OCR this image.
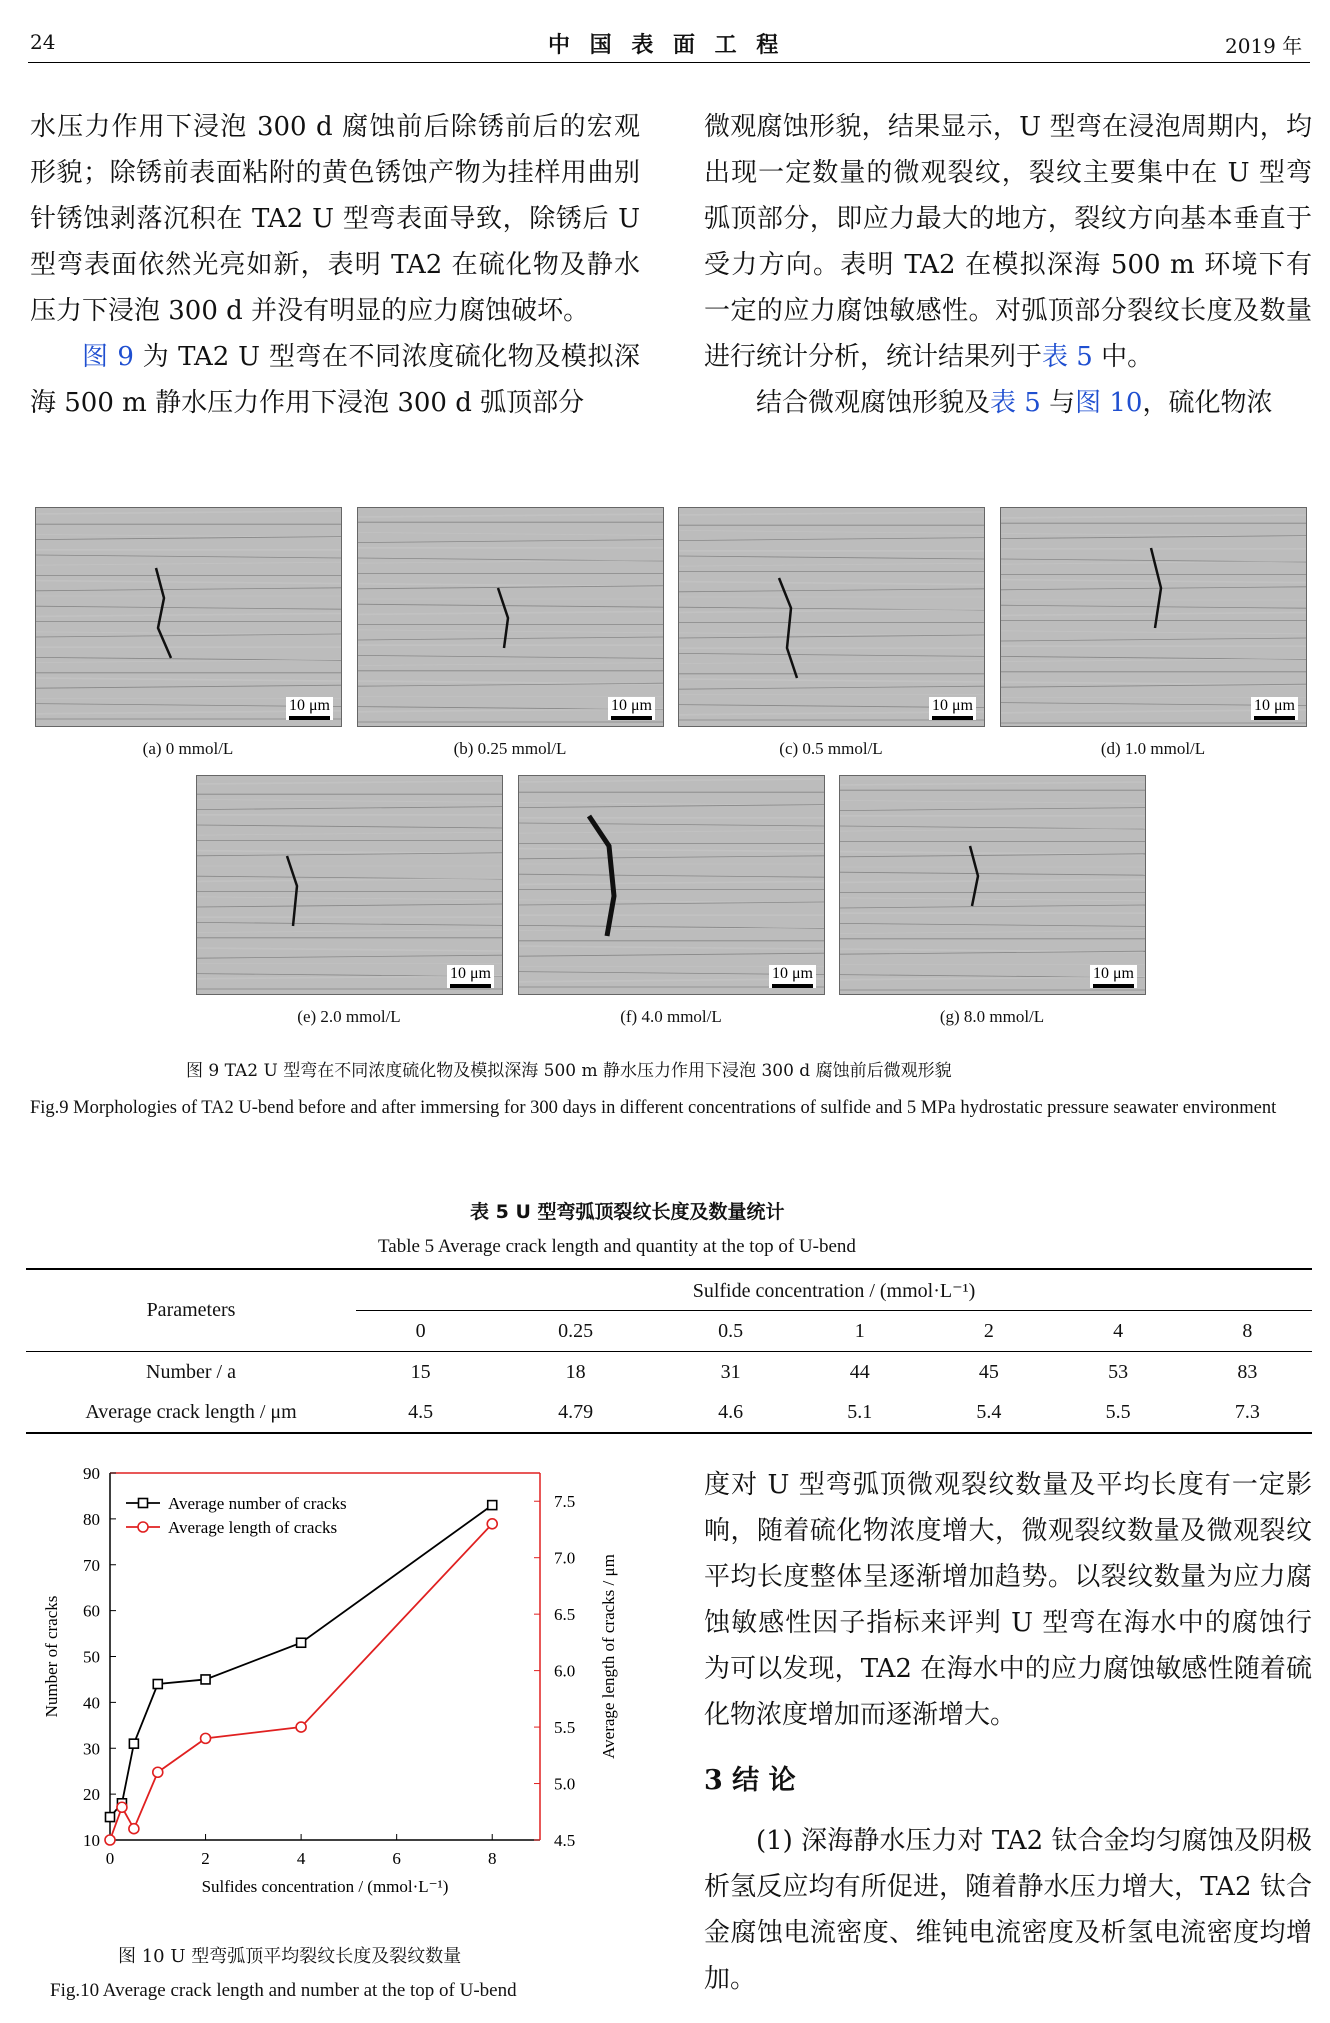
24	中 国 表 面 工 程	2019 年

水压力作用下浸泡 300 d 腐蚀前后除锈前后的宏观形貌；除锈前表面粘附的黄色锈蚀产物为挂样用曲别针锈蚀剥落沉积在 TA2 U 型弯表面导致，除锈后 U 型弯表面依然光亮如新，表明 TA2 在硫化物及静水压力下浸泡 300 d 并没有明显的应力腐蚀破坏。

图 9 为 TA2 U 型弯在不同浓度硫化物及模拟深海 500 m 静水压力作用下浸泡 300 d 弧顶部分

微观腐蚀形貌，结果显示，U 型弯在浸泡周期内，均出现一定数量的微观裂纹，裂纹主要集中在 U 型弯弧顶部分，即应力最大的地方，裂纹方向基本垂直于受力方向。表明 TA2 在模拟深海 500 m 环境下有一定的应力腐蚀敏感性。对弧顶部分裂纹长度及数量进行统计分析，统计结果列于表 5 中。

结合微观腐蚀形貌及表 5 与图 10，硫化物浓

10 μm
(a) 0 mmol/L
10 μm
(b) 0.25 mmol/L
10 μm
(c) 0.5 mmol/L
10 μm
(d) 1.0 mmol/L
10 μm
(e) 2.0 mmol/L
10 μm
(f) 4.0 mmol/L
10 μm
(g) 8.0 mmol/L
图 9 TA2 U 型弯在不同浓度硫化物及模拟深海 500 m 静水压力作用下浸泡 300 d 腐蚀前后微观形貌
Fig.9 Morphologies of TA2 U-bend before and after immersing for 300 days in different concentrations of sulfide and 5 MPa hydrostatic pressure seawater environment
表 5 U 型弯弧顶裂纹长度及数量统计
Table 5 Average crack length and quantity at the top of U-bend
Parameters	Sulfide concentration / (mmol·L⁻¹)						
	0	0.25	0.5	1	2	4	8
Number / a	15	18	31	44	45	53	83
Average crack length / μm	4.5	4.79	4.6	5.1	5.4	5.5	7.3
10
20
30
40
50
60
70
80
90
4.5
5.0
5.5
6.0
6.5
7.0
7.5
0	2	4	6	8
Sulfides concentration / (mmol·L⁻¹)
Number of cracks	Average length of cracks / μm
Average number of cracks
Average length of cracks
图 10 U 型弯弧顶平均裂纹长度及裂纹数量
Fig.10 Average crack length and number at the top of U-bend

度对 U 型弯弧顶微观裂纹数量及平均长度有一定影响，随着硫化物浓度增大，微观裂纹数量及微观裂纹平均长度整体呈逐渐增加趋势。以裂纹数量为应力腐蚀敏感性因子指标来评判 U 型弯在海水中的腐蚀行为可以发现，TA2 在海水中的应力腐蚀敏感性随着硫化物浓度增加而逐渐增大。

3 结 论

(1) 深海静水压力对 TA2 钛合金均匀腐蚀及阴极析氢反应均有所促进，随着静水压力增大，TA2 钛合金腐蚀电流密度、维钝电流密度及析氢电流密度均增加。
